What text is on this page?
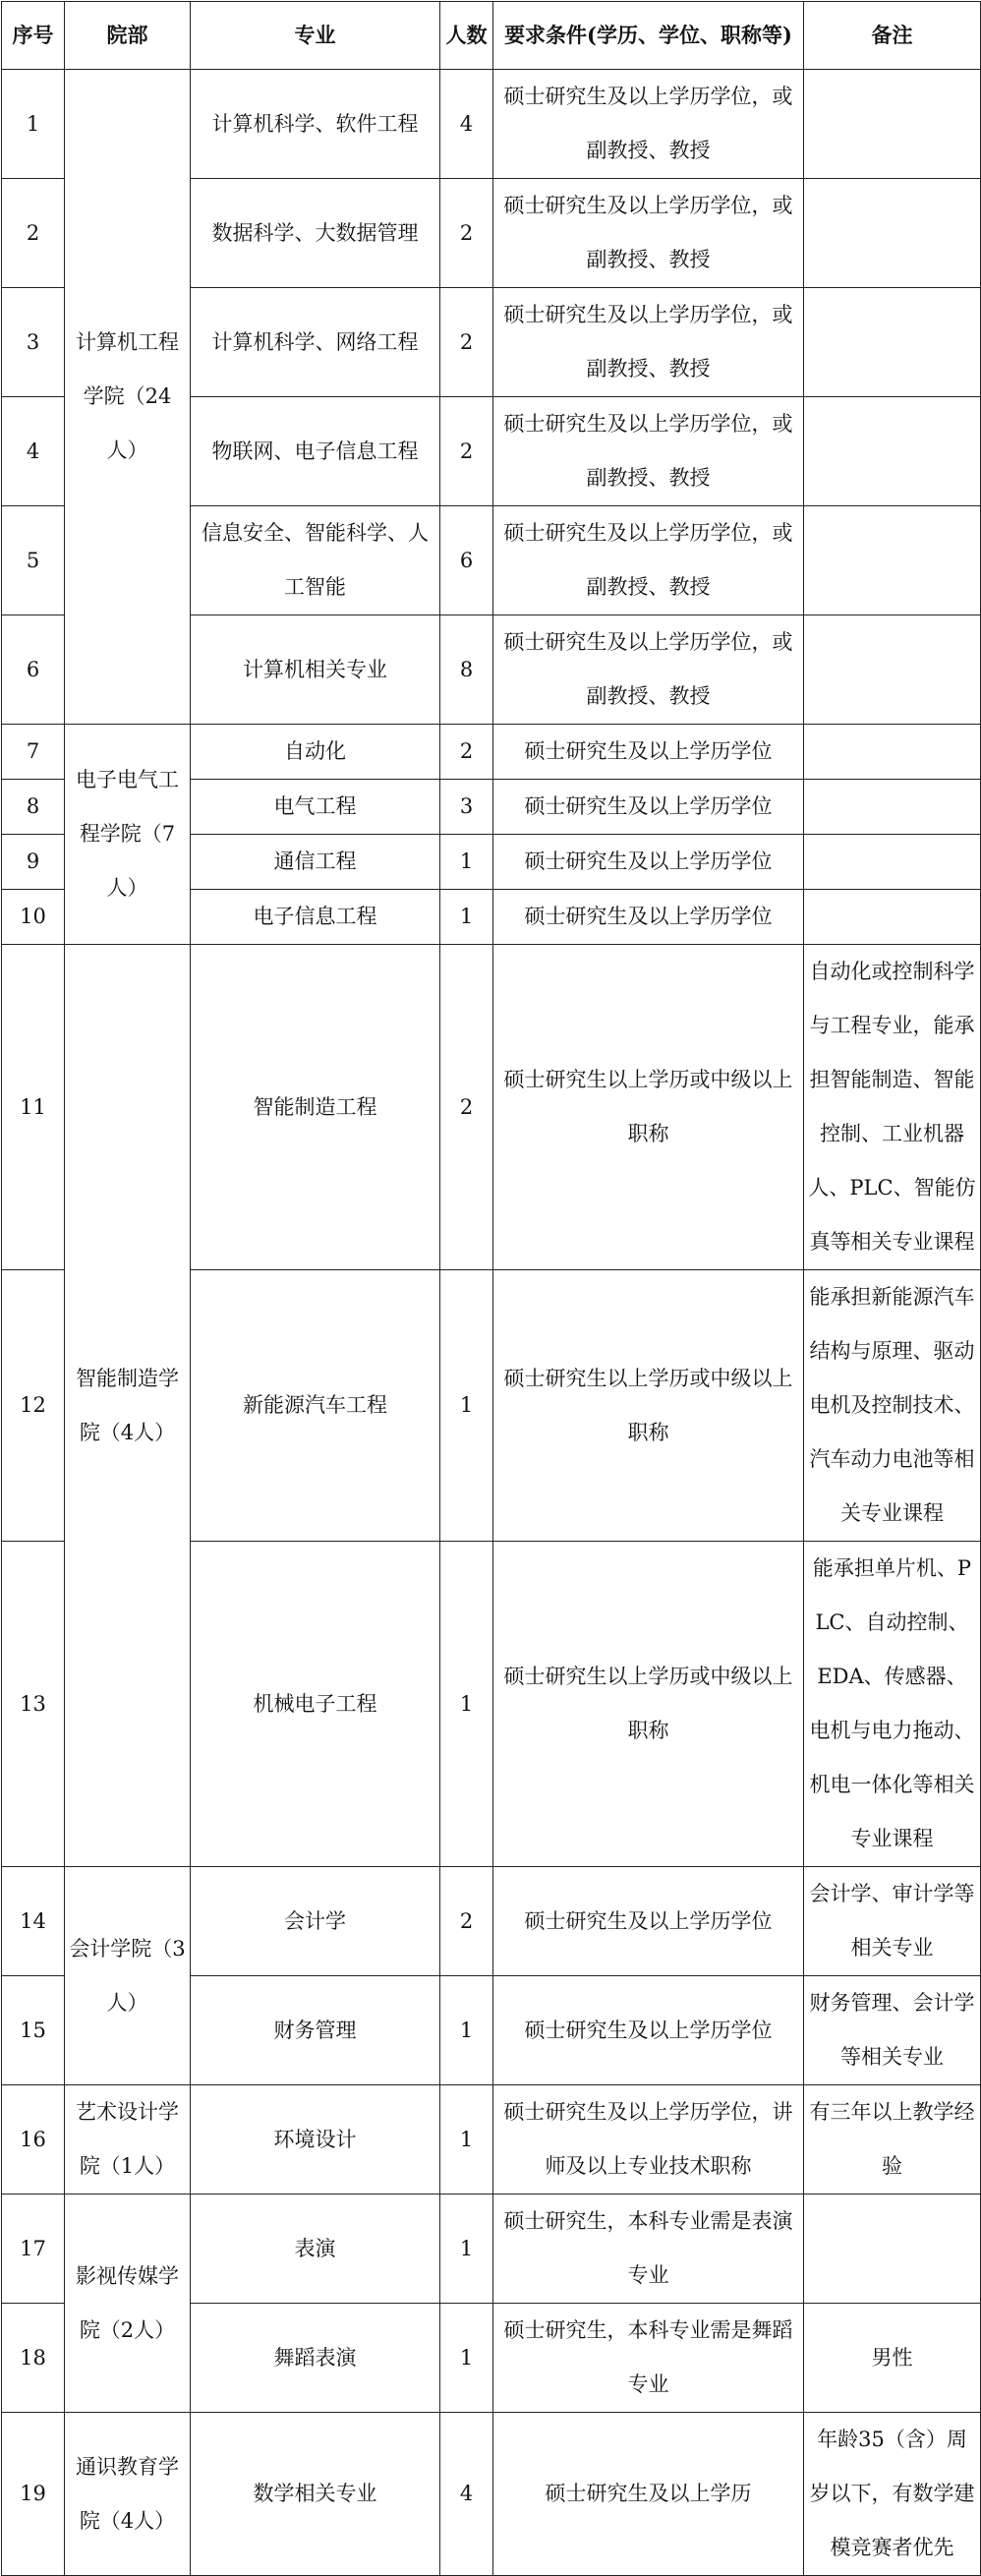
序号	院部	专业	人数	要求条件(学历、学位、职称等)	备注
1	计算机工程学院（24人）	计算机科学、软件工程	4	硕士研究生及以上学历学位，或副教授、教授	
2		数据科学、大数据管理	2	硕士研究生及以上学历学位，或副教授、教授	
3		计算机科学、网络工程	2	硕士研究生及以上学历学位，或副教授、教授	
4		物联网、电子信息工程	2	硕士研究生及以上学历学位，或副教授、教授	
5		信息安全、智能科学、人工智能	6	硕士研究生及以上学历学位，或副教授、教授	
6		计算机相关专业	8	硕士研究生及以上学历学位，或副教授、教授	
7	电子电气工程学院（7人）	自动化	2	硕士研究生及以上学历学位	
8		电气工程	3	硕士研究生及以上学历学位	
9		通信工程	1	硕士研究生及以上学历学位	
10		电子信息工程	1	硕士研究生及以上学历学位	
11	智能制造学院（4人）	智能制造工程	2	硕士研究生以上学历或中级以上职称	自动化或控制科学与工程专业，能承担智能制造、智能控制、工业机器人、PLC、智能仿真等相关专业课程
12		新能源汽车工程	1	硕士研究生以上学历或中级以上职称	能承担新能源汽车结构与原理、驱动电机及控制技术、汽车动力电池等相关专业课程
13		机械电子工程	1	硕士研究生以上学历或中级以上职称	能承担单片机、PLC、自动控制、EDA、传感器、电机与电力拖动、机电一体化等相关专业课程
14	会计学院（3人）	会计学	2	硕士研究生及以上学历学位	会计学、审计学等相关专业
15		财务管理	1	硕士研究生及以上学历学位	财务管理、会计学等相关专业
16	艺术设计学院（1人）	环境设计	1	硕士研究生及以上学历学位，讲师及以上专业技术职称	有三年以上教学经验
17	影视传媒学院（2人）	表演	1	硕士研究生，本科专业需是表演专业	
18		舞蹈表演	1	硕士研究生，本科专业需是舞蹈专业	男性
19	通识教育学院（4人）	数学相关专业	4	硕士研究生及以上学历	年龄35（含）周岁以下，有数学建模竞赛者优先
